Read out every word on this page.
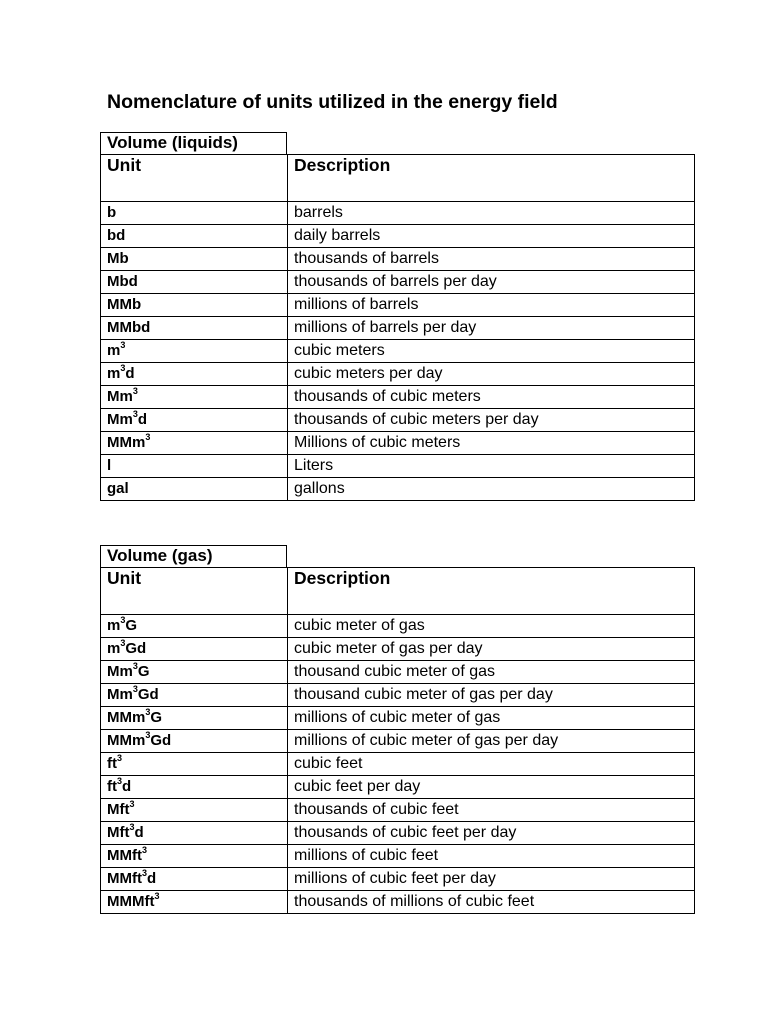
Nomenclature of units utilized in the energy field
Volume (liquids)
Unit	Description
b	barrels
bd	daily barrels
Mb	thousands of barrels
Mbd	thousands of barrels per day
MMb	millions of barrels
MMbd	millions of barrels per day
$m^3$	cubic meters
$m^3d$	cubic meters per day
Mm$^3$	thousands of cubic meters
Mm$^3$d	thousands of cubic meters per day
MMm$^3$	Millions of cubic meters
l	Liters
gal	gallons
Volume (gas)
Unit	Description
$m^3G$	cubic meter of gas
$m^3Gd$	cubic meter of gas per day
Mm$^3$G	thousand cubic meter of gas
Mm$^3$Gd	thousand cubic meter of gas per day
MMm$^3$G	millions of cubic meter of gas
MMm$^3$Gd	millions of cubic meter of gas per day
$ft^3$	cubic feet
$ft^3d$	cubic feet per day
Mft$^3$	thousands of cubic feet
Mft$^3$d	thousands of cubic feet per day
MMft$^3$	millions of cubic feet
MMft$^3$d	millions of cubic feet per day
MMMft$^3$	thousands of millions of cubic feet
